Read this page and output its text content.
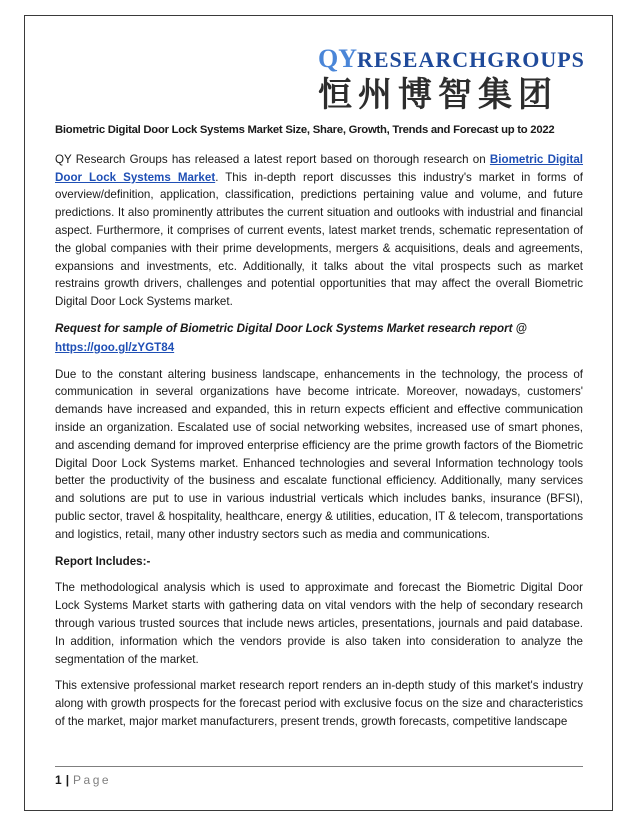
QYRESEARCHGROUPS
恒州博智集团

Biometric Digital Door Lock Systems Market Size, Share, Growth, Trends and Forecast up to 2022

QY Research Groups has released a latest report based on thorough research on Biometric Digital Door Lock Systems Market. This in-depth report discusses this industry's market in forms of overview/definition, application, classification, predictions pertaining value and volume, and future predictions. It also prominently attributes the current situation and outlooks with industrial and financial aspect. Furthermore, it comprises of current events, latest market trends, schematic representation of the global companies with their prime developments, mergers & acquisitions, deals and agreements, expansions and investments, etc. Additionally, it talks about the vital prospects such as market restrains growth drivers, challenges and potential opportunities that may affect the overall Biometric Digital Door Lock Systems market.

Request for sample of Biometric Digital Door Lock Systems Market research report @

https://goo.gl/zYGT84

Due to the constant altering business landscape, enhancements in the technology, the process of communication in several organizations have become intricate. Moreover, nowadays, customers' demands have increased and expanded, this in return expects efficient and effective communication inside an organization. Escalated use of social networking websites, increased use of smart phones, and ascending demand for improved enterprise efficiency are the prime growth factors of the Biometric Digital Door Lock Systems market. Enhanced technologies and several Information technology tools better the productivity of the business and escalate functional efficiency. Additionally, many services and solutions are put to use in various industrial verticals which includes banks, insurance (BFSI), public sector, travel & hospitality, healthcare, energy & utilities, education, IT & telecom, transportations and logistics, retail, many other industry sectors such as media and communications.

Report Includes:-

The methodological analysis which is used to approximate and forecast the Biometric Digital Door Lock Systems Market starts with gathering data on vital vendors with the help of secondary research through various trusted sources that include news articles, presentations, journals and paid database. In addition, information which the vendors provide is also taken into consideration to analyze the segmentation of the market.

This extensive professional market research report renders an in-depth study of this market's industry along with growth prospects for the forecast period with exclusive focus on the size and characteristics of the market, major market manufacturers, present trends, growth forecasts, competitive landscape

1 | Page
